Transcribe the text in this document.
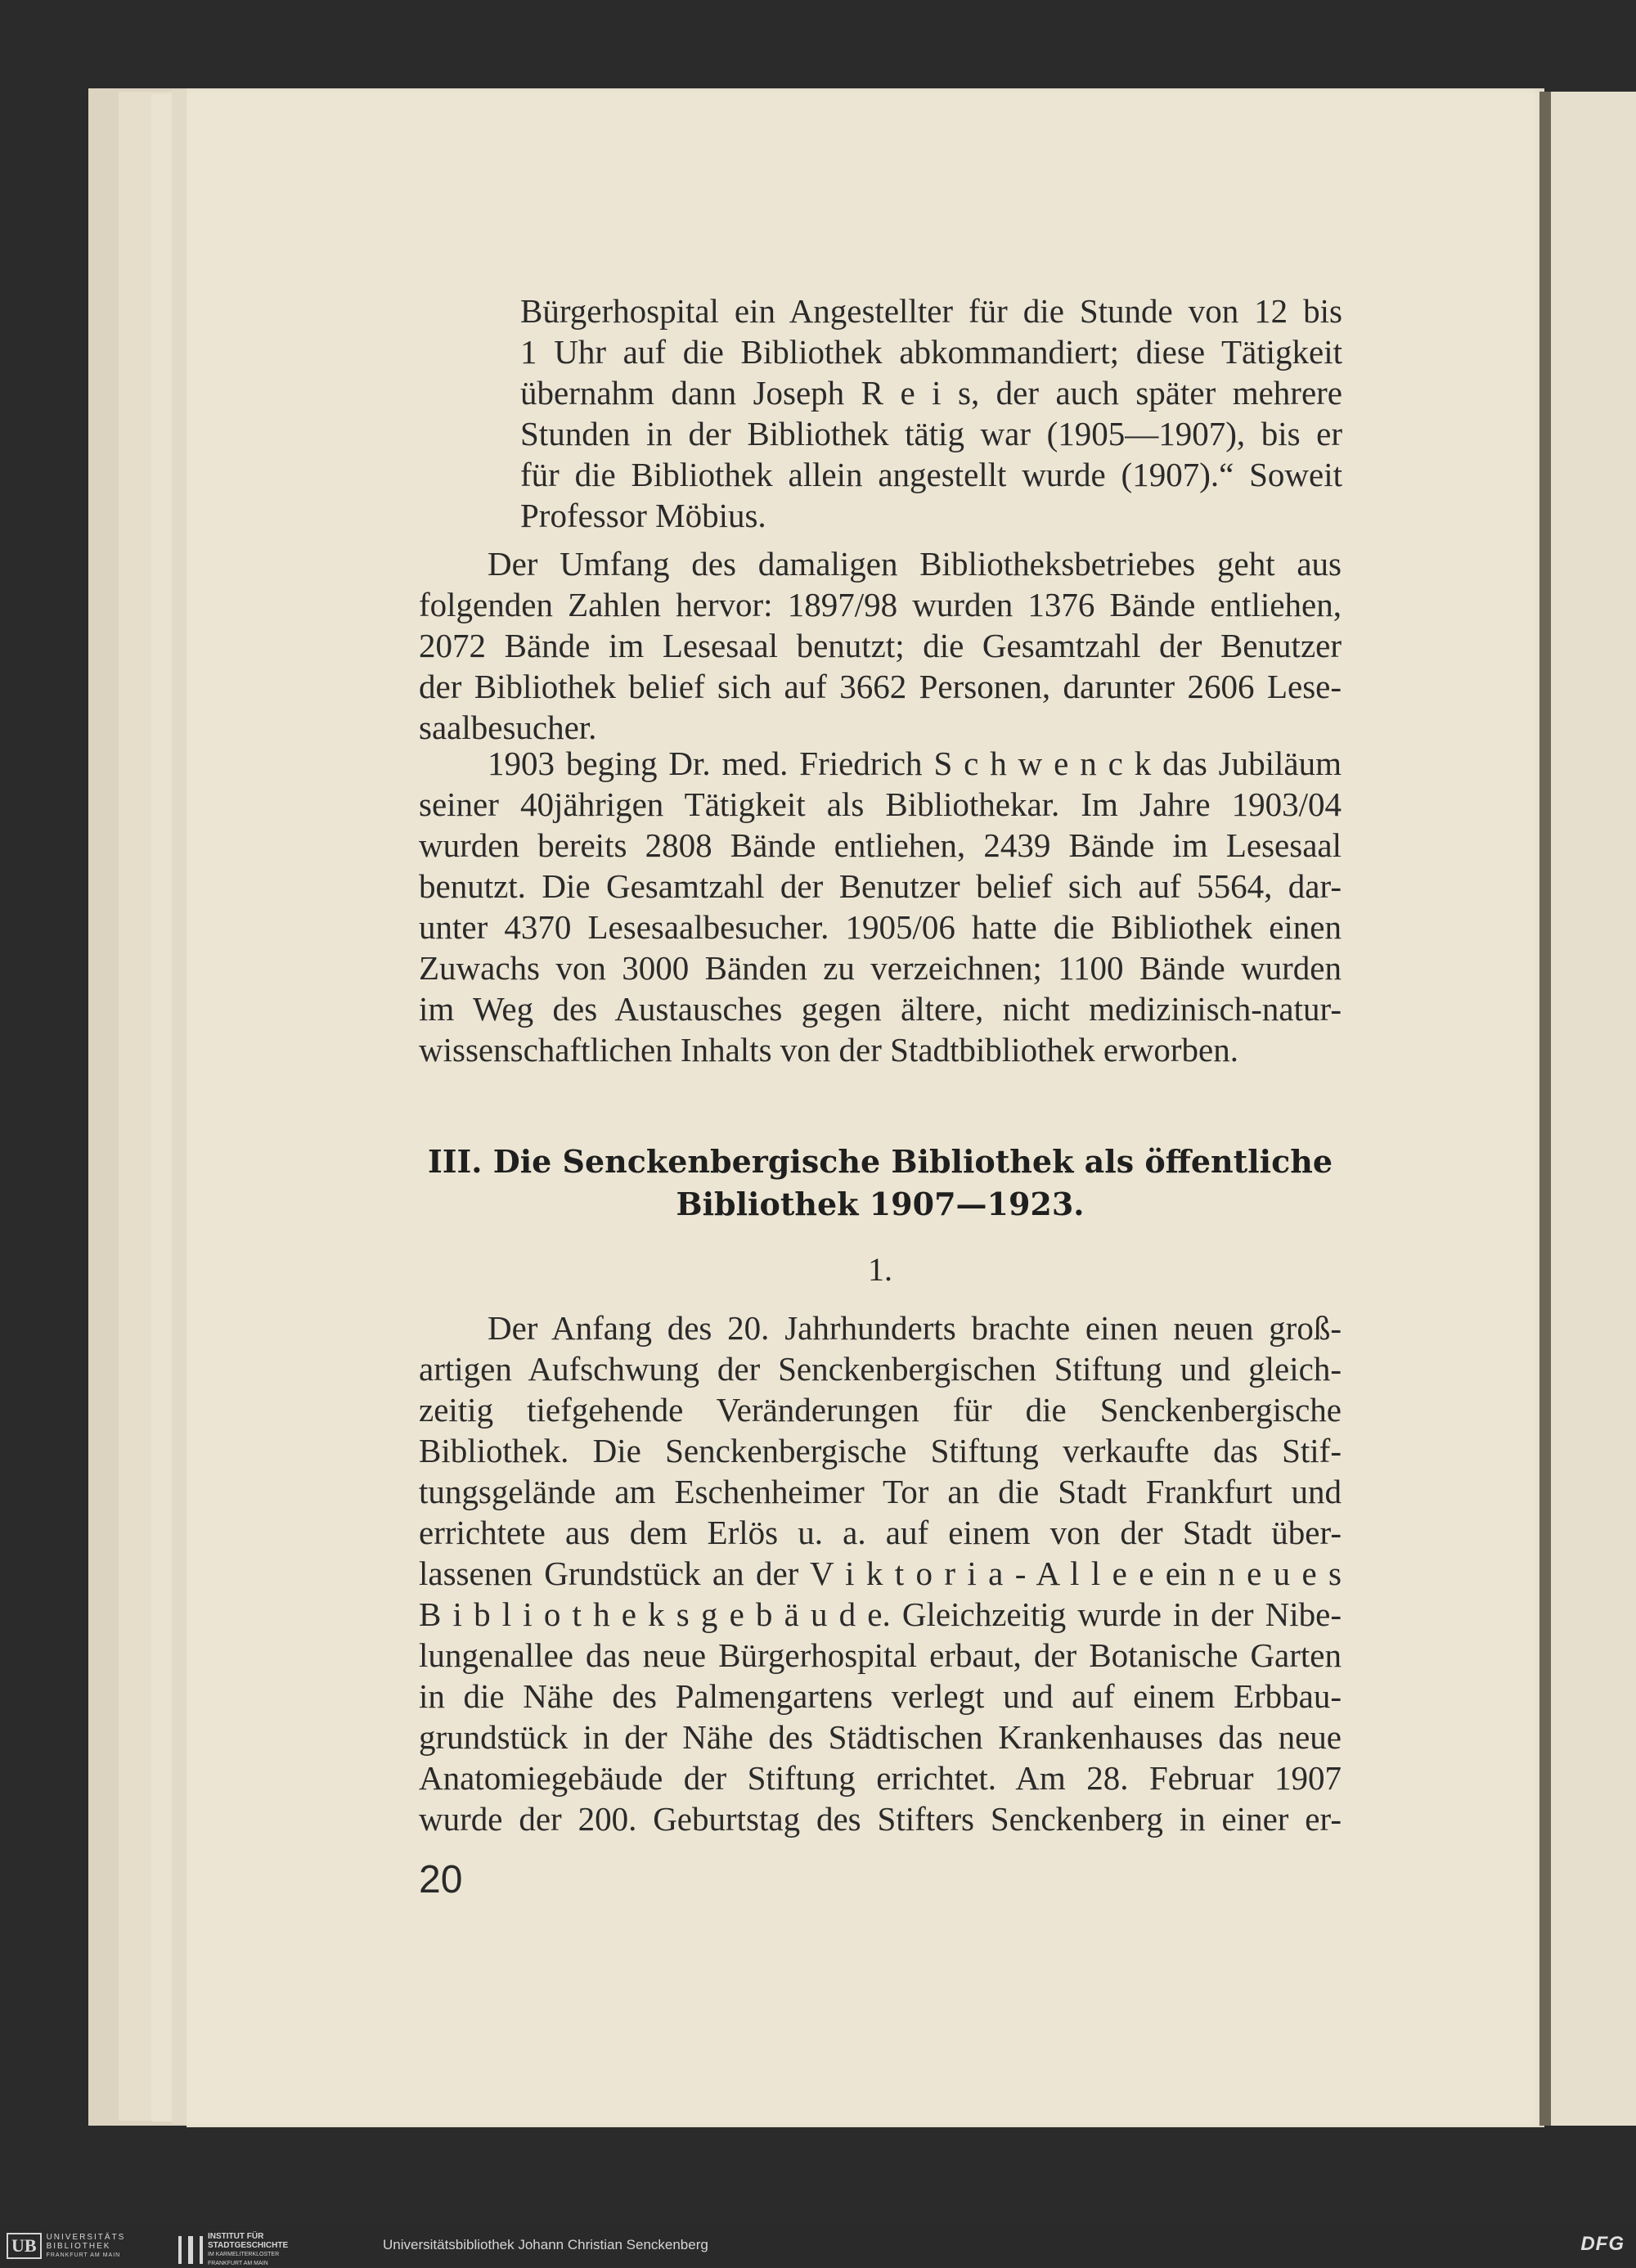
Bürgerhospital ein Angestellter für die Stunde von 12 bis
1 Uhr auf die Bibliothek abkommandiert; diese Tätigkeit
übernahm dann Joseph R e i s, der auch später mehrere
Stunden in der Bibliothek tätig war (1905—1907), bis er
für die Bibliothek allein angestellt wurde (1907).“ Soweit
Professor Möbius.
Der Umfang des damaligen Bibliotheksbetriebes geht aus
folgenden Zahlen hervor: 1897/98 wurden 1376 Bände entliehen,
2072 Bände im Lesesaal benutzt; die Gesamtzahl der Benutzer
der Bibliothek belief sich auf 3662 Personen, darunter 2606 Lese-
saalbesucher.
1903 beging Dr. med. Friedrich S c h w e n c k das Jubiläum
seiner 40jährigen Tätigkeit als Bibliothekar. Im Jahre 1903/04
wurden bereits 2808 Bände entliehen, 2439 Bände im Lesesaal
benutzt. Die Gesamtzahl der Benutzer belief sich auf 5564, dar-
unter 4370 Lesesaalbesucher. 1905/06 hatte die Bibliothek einen
Zuwachs von 3000 Bänden zu verzeichnen; 1100 Bände wurden
im Weg des Austausches gegen ältere, nicht medizinisch-natur-
wissenschaftlichen Inhalts von der Stadtbibliothek erworben.
III. Die Senckenbergische Bibliothek als öffentliche
Bibliothek 1907—1923.
1.
Der Anfang des 20. Jahrhunderts brachte einen neuen groß-
artigen Aufschwung der Senckenbergischen Stiftung und gleich-
zeitig tiefgehende Veränderungen für die Senckenbergische
Bibliothek. Die Senckenbergische Stiftung verkaufte das Stif-
tungsgelände am Eschenheimer Tor an die Stadt Frankfurt und
errichtete aus dem Erlös u. a. auf einem von der Stadt über-
lassenen Grundstück an der V i k t o r i a - A l l e e ein n e u e s
B i b l i o t h e k s g e b ä u d e. Gleichzeitig wurde in der Nibe-
lungenallee das neue Bürgerhospital erbaut, der Botanische Garten
in die Nähe des Palmengartens verlegt und auf einem Erbbau-
grundstück in der Nähe des Städtischen Krankenhauses das neue
Anatomiegebäude der Stiftung errichtet. Am 28. Februar 1907
wurde der 200. Geburtstag des Stifters Senckenberg in einer er-
20
UB	UNIVERSITÄTS
BIBLIOTHEK
FRANKFURT AM MAIN
INSTITUT FÜR
STADTGESCHICHTE
IM KARMELITERKLOSTER
FRANKFURT AM MAIN
Universitätsbibliothek Johann Christian Senckenberg	DFG
